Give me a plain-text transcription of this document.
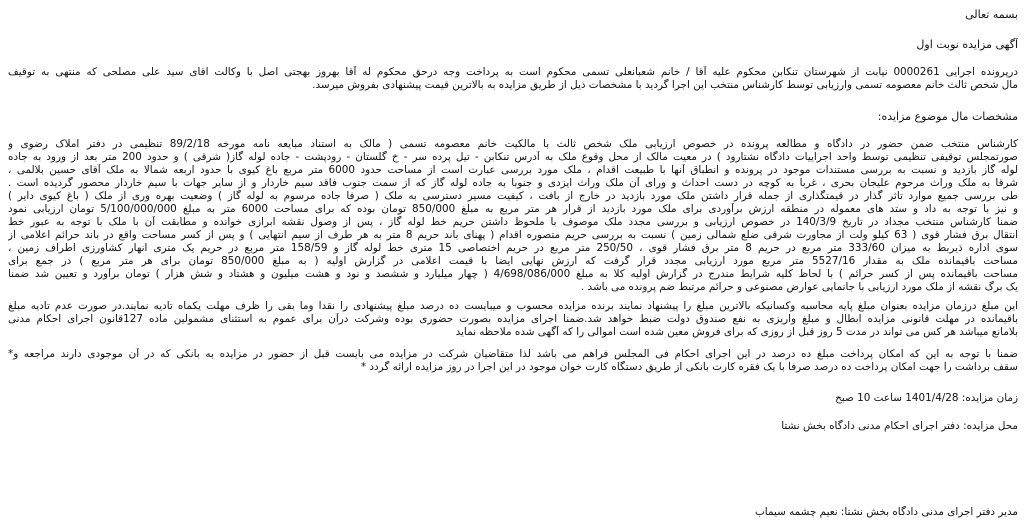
بسمه تعالی
آگهی مزایده نوبت اول
درپرونده اجرایی 0000261 نیابت از شهرستان تنکابن محکوم علیه آقا / خانم شعبانعلی تسمی محکوم است به پرداخت وجه درحق محکوم له آقا بهروز بهجتی اصل با وکالت اقای سید علی مصلحی که منتهی به توقیف
مال شخص ثالث خانم معصومه تسمی وارزیابی توسط کارشناس منتخب این اجرا گردید با مشخصات ذیل از طریق مزایده به بالاترین قیمت پیشنهادی بفروش میرسد.
مشخصات مال موضوع مزایده:
کارشناس منتخب ضمن حضور در دادگاه و مطالعه پرونده در خصوص ارزیابی ملک شخص ثالث با مالکیت خانم معصومه تسمی ( مالک به استناد مبایعه نامه مورخه 89/2/18 تنظیمی در دفتر املاک رضوی و
صورتمجلس توقیفی تنظیمی توسط واحد اجراییات دادگاه نشتارود ) در معیت مالک از محل وقوع ملک به آدرس تنکابن - تیل پرده سر - خ گلستان - رودپشت - جاده لوله گاز( شرقی ) و حدود 200 متر بعد از ورود به جاده
لوله گاز بازدید و نسبت به بررسی مستندات موجود در پرونده و انطباق آنها با طبیعت اقدام ، ملک مورد بررسی عبارت است از مساحت حدود 6000 متر مربع باغ کیوی با حدود اربعه شمالا به ملک آقای حسین بلالمی ،
شرقا به ملک وراث مرحوم علیجان بحری ، غربا به کوچه در دست احداث و ورای آن ملک وراث ایزدی و جنوبا به جاده لوله گاز که از سمت جنوب فاقد سیم خاردار و از سایر جهات با سیم خاردار محصور گردیده است .
طی بررسی جمیع موارد تاثر گذار در قیمتگذاری از جمله قرار داشتن ملک مورد بازدید در خارج از بافت ، کیفیت مسیر دسترسی به ملک ( صرفا جاده مرسوم به لوله گاز ) وضعیت بهره وری از ملک ( باغ کیوی دایر )
و نیز با توجه به داد و ستد های معموله در منطقه ارزش برآوردی برای ملک مورد بازدید از قرار هر متر مربع به مبلغ 850/000 تومان بوده که برای مساحت 6000 متر به مبلغ 5/100/000/000 تومان ارزیابی نمود
ضمنا کارشناس منتخب مجداد در تاریخ 140/3/9 در خصوص ارزیابی و بررسی مجدد ملک موصوف با ملحوظ داشتن حریم خط لوله گاز ، پس از وصول نقشه ابرازی خوانده و مطابقت آن با ملک با توجه به عبور خط
انتقال برق فشار قوی ( 63 کیلو ولت از مجاورت شرقی ضلع شمالی زمین ) نسبت به بررسی حریم متصوره اقدام ( پهنای باند حریم 8 متر به هر طرف از سیم انتهایی ) و پس از کسر مساحت واقع در باند حرائم اعلامی از
سوی اداره ذیربط به میزان 333/60 متر مربع در حریم 8 متر برق فشار قوی ، 250/50 متر مربع در حریم اختصاصی 15 متری خط لوله گاز و 158/59 متر مربع در حریم یک متری انهار کشاورزی اطراف زمین ،
مساحت باقیمانده ملک به مقدار 5527/16 متر مربع مورد ارزیابی مجدد قرار گرفت که ارزش نهایی ایضا با قیمت اعلامی در گزارش اولیه ( به مبلغ 850/000 تومان برای هر متر مربع ) در جمع برای
مساحت باقیمانده پس از کسر حرائم ) با لحاظ کلیه شرایط مندرج در گزارش اولیه کلا به مبلغ 4/698/086/000 ( چهار میلیارد و ششصد و نود و هشت میلیون و هشتاد و شش هزار ) تومان برآورد و تعیین شد ضمنا
یک برگ نقشه از ملک مورد ارزیابی با جانمایی عوارض مصنوعی و حرائم مرتبط ضم پرونده می باشد .
این مبلغ درزمان مزایده بعنوان مبلغ پایه محاسبه وکسانیکه بالاترین مبلغ را پیشنهاد نمایند برنده مزایده محسوب و میبایست ده درصد مبلغ پیشنهادی را نقدا وما بقی را ظرف مهلت یکماه تادیه نمایند.در صورت عدم تادیه مبلغ
باقیمانده در مهلت قانونی مزایده ابطال و مبلغ واریزی به نفع صندوق دولت ضبط خواهد شد.ضمنا اجرای مزایده بصورت حضوری بوده وشرکت درآن برای عموم به استثنای مشمولین ماده 127قانون اجرای احکام مدنی
بلامانع میباشد هر کس می تواند در مدت 5 روز قبل از روزی که برای فروش معین شده است اموالی را که آگهی شده ملاحظه نماید
ضمنا با توجه به این که امکان پرداخت مبلغ ده درصد در این اجرای احکام فی المجلس فراهم می باشد لذا متقاضیان شرکت در مزایده می بایست قبل از حضور در مزایده به بانکی که در آن موجودی دارند مراجعه و*
سقف برداشت را جهت امکان پرداخت ده درصد صرفا با یک فقره کارت بانکی از طریق دستگاه کارت خوان موجود در این اجرا در روز مزایده ارائه گردد *
زمان مزایده: 1401/4/28 ساعت 10 صبح
محل مزایده: دفتر اجرای احکام مدنی دادگاه بخش نشتا
مدیر دفتر اجرای مدنی دادگاه بخش نشتا: نعیم چشمه سیماب
